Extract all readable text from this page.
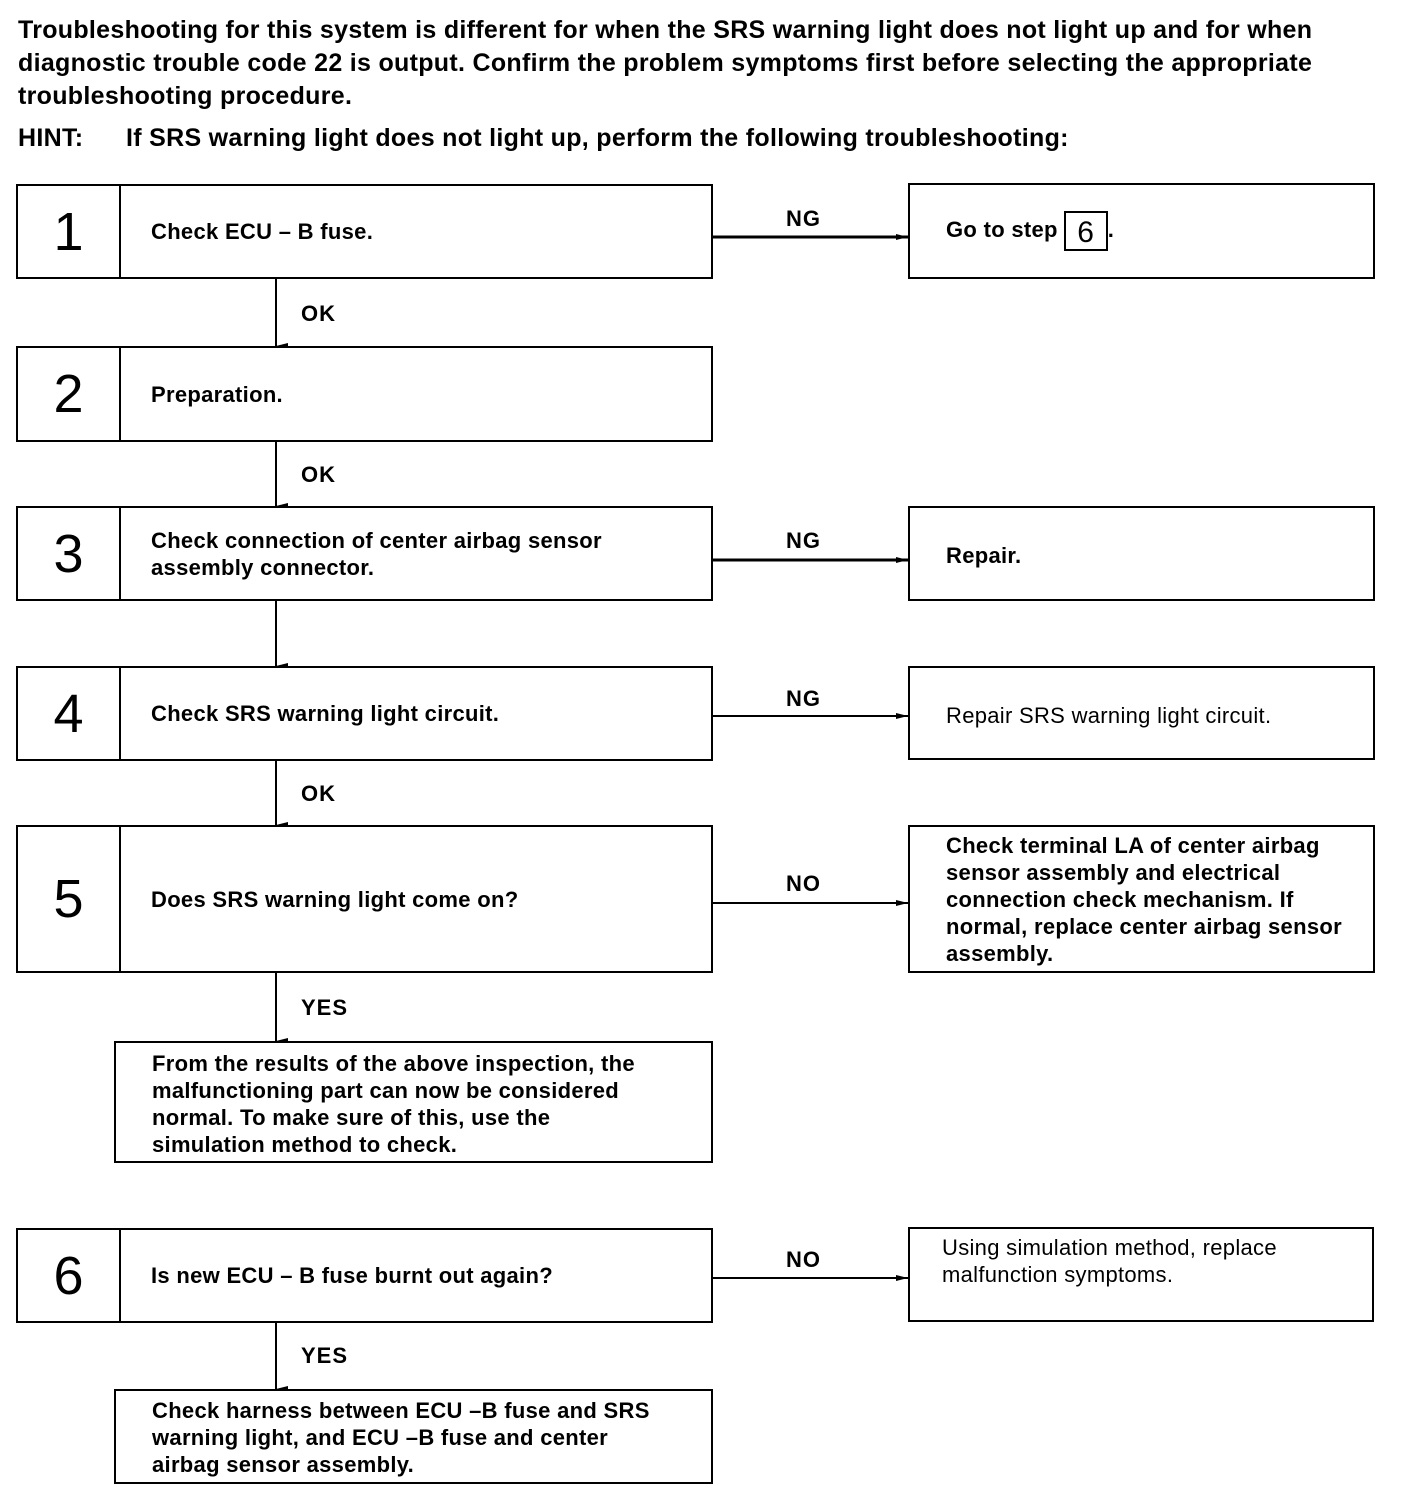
Troubleshooting for this system is different for when the SRS warning light does not light up and for when diagnostic trouble code 22 is output. Confirm the problem symptoms first before selecting the appropriate troubleshooting procedure.
HINT: If SRS warning light does not light up, perform the following troubleshooting:
1	Check ECU – B fuse.
2	Preparation.
3	Check connection of center airbag sensor assembly connector.
4	Check SRS warning light circuit.
5	Does SRS warning light come on?
6	Is new ECU – B fuse burnt out again?
Go to step 6 .
Repair.
Repair SRS warning light circuit.
Check terminal LA of center airbag sensor assembly and electrical connection check mechanism. If normal, replace center airbag sensor assembly.
Using simulation method, replace malfunction symptoms.
From the results of the above inspection, the malfunctioning part can now be considered normal. To make sure of this, use the simulation method to check.
Check harness between ECU –B fuse and SRS warning light, and ECU –B fuse and center airbag sensor assembly.
NG
NG
NG
NO
NO
OK
OK
OK
YES
YES
